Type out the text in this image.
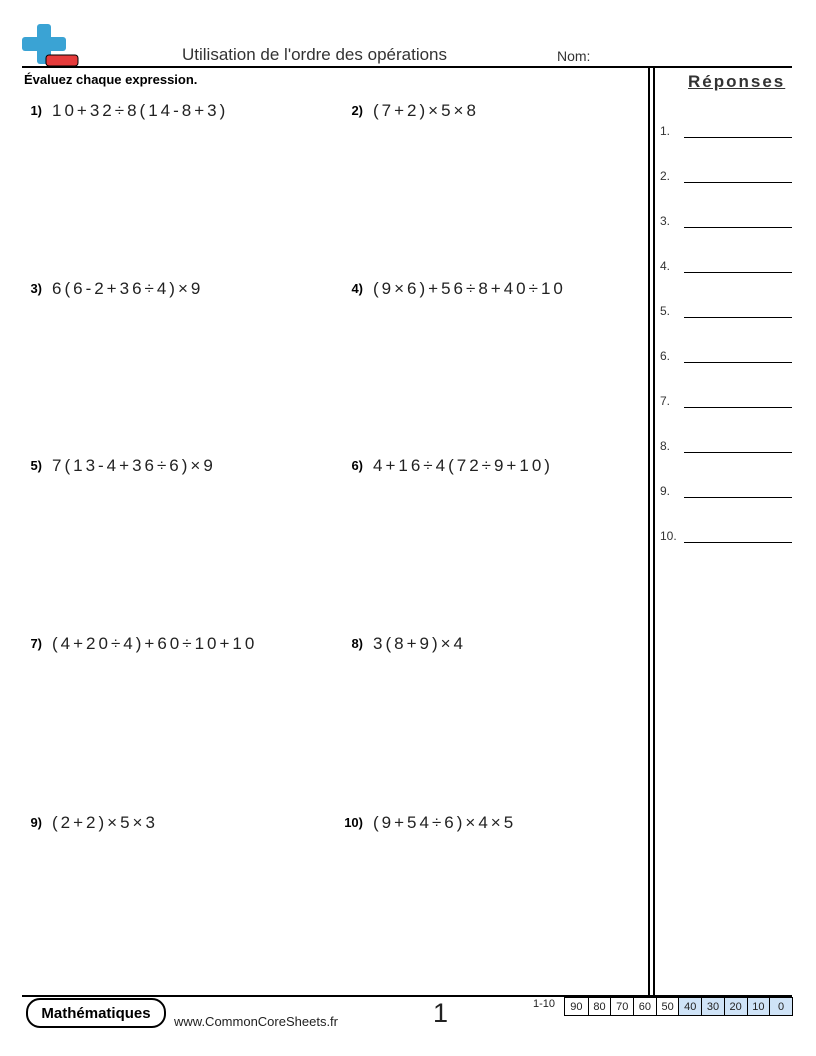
Utilisation de l'ordre des opérations	Nom:
Évaluez chaque expression.	Réponses
1.
2.
3.
4.
5.
6.
7.
8.
9.
10.
1) 10+32÷8(14-8+3)	2) (7+2)×5×8
3) 6(6-2+36÷4)×9	4) (9×6)+56÷8+40÷10
5) 7(13-4+36÷6)×9	6) 4+16÷4(72÷9+10)
7) (4+20÷4)+60÷10+10	8) 3(8+9)×4
9) (2+2)×5×3	10) (9+54÷6)×4×5
Mathématiques	www.CommonCoreSheets.fr	1	1-10	90 80 70 60 50 40 30 20 10	0
